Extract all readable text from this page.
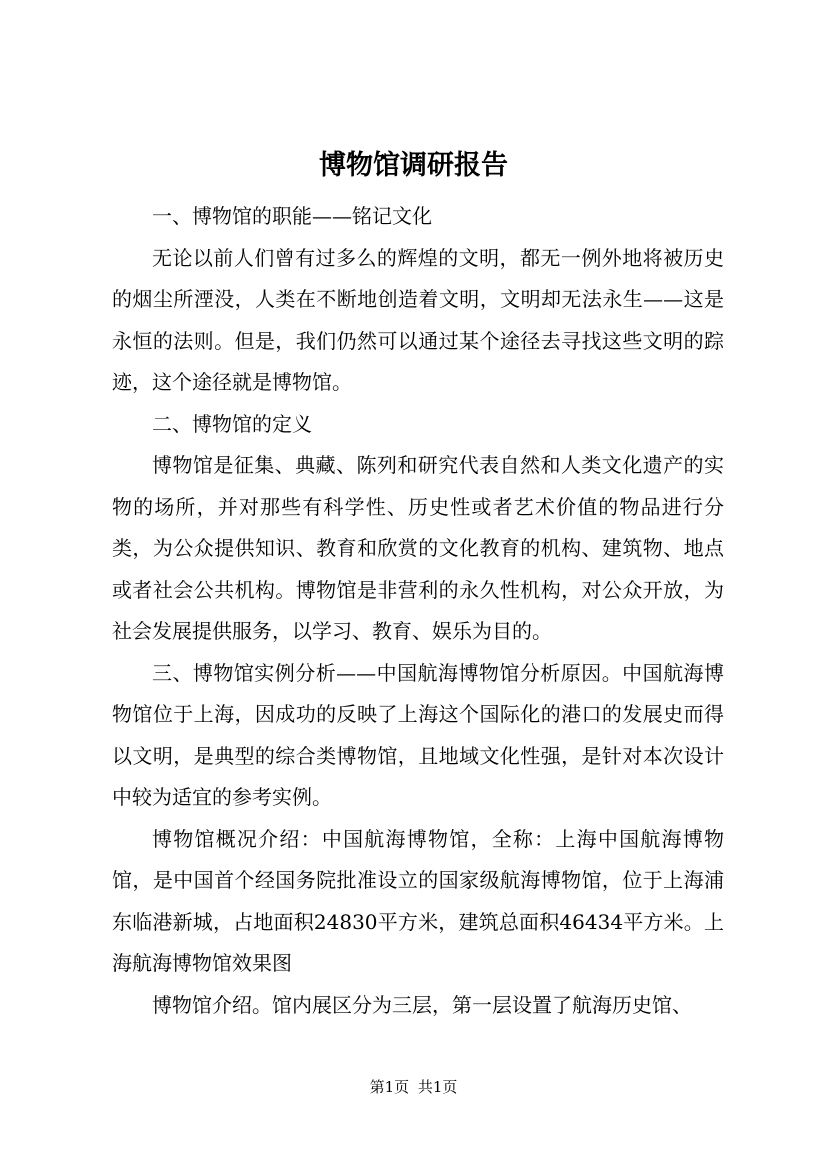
博物馆调研报告

一、博物馆的职能——铭记文化

无论以前人们曾有过多么的辉煌的文明，都无一例外地将被历史的烟尘所湮没，人类在不断地创造着文明，文明却无法永生——这是永恒的法则。但是，我们仍然可以通过某个途径去寻找这些文明的踪迹，这个途径就是博物馆。

二、博物馆的定义

博物馆是征集、典藏、陈列和研究代表自然和人类文化遗产的实物的场所，并对那些有科学性、历史性或者艺术价值的物品进行分类，为公众提供知识、教育和欣赏的文化教育的机构、建筑物、地点或者社会公共机构。博物馆是非营利的永久性机构，对公众开放，为社会发展提供服务，以学习、教育、娱乐为目的。

三、博物馆实例分析——中国航海博物馆分析原因。中国航海博物馆位于上海，因成功的反映了上海这个国际化的港口的发展史而得以文明，是典型的综合类博物馆，且地域文化性强，是针对本次设计中较为适宜的参考实例。

博物馆概况介绍：中国航海博物馆，全称：上海中国航海博物馆，是中国首个经国务院批准设立的国家级航海博物馆，位于上海浦东临港新城，占地面积24830平方米，建筑总面积46434平方米。上海航海博物馆效果图

博物馆介绍。馆内展区分为三层，第一层设置了航海历史馆、

第1页 共1页
